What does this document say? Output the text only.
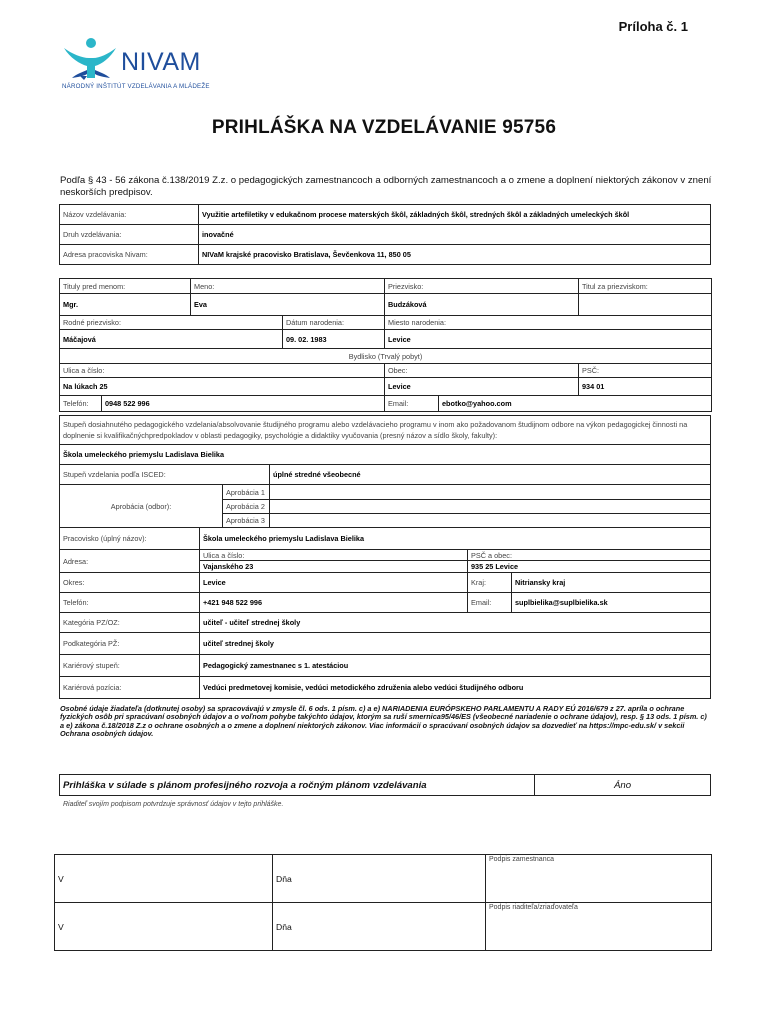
Príloha č. 1
NIVAM
NÁRODNÝ INŠTITÚT VZDELÁVANIA A MLÁDEŽE
PRIHLÁŠKA NA VZDELÁVANIE 95756
Podľa § 43 - 56 zákona č.138/2019 Z.z. o pedagogických zamestnancoch a odborných zamestnancoch a o zmene a doplnení niektorých zákonov v znení neskorších predpisov.
Názov vzdelávania:	Využitie artefiletiky v edukačnom procese materských škôl, základných škôl, stredných škôl a základných umeleckých škôl
Druh vzdelávania:	inovačné
Adresa pracoviska Nivam:	NIVaM krajské pracovisko Bratislava, Ševčenkova 11, 850 05
Tituly pred menom:		Meno:		Priezvisko:		Titul za priezviskom:
Mgr.		Eva		Budzáková		
Rodné priezvisko:			Dátum narodenia:	Miesto narodenia:		
Máčajová			09. 02. 1983	Levice		
Bydlisko (Trvalý pobyt)						
Ulica a číslo:				Obec:		PSČ:
Na lúkach 25				Levice		934 01
Telefón:	0948 522 996			Email:	ebotko@yahoo.com	
Stupeň dosiahnutého pedagogického vzdelania/absolvovanie študijného programu alebo vzdelávacieho programu v inom ako požadovanom študijnom odbore na výkon pedagogickej činnosti na doplnenie si kvalifikačnýchpredpokladov v oblasti pedagogiky, psychológie a didaktiky vyučovania (presný názov a sídlo školy, fakulty):					
Škola umeleckého priemyslu Ladislava Bielika					
Stupeň vzdelania podľa ISCED:			úplné stredné všeobecné		
Aprobácia (odbor):		Aprobácia 1			
		Aprobácia 2			
		Aprobácia 3			
Pracovisko (úplný názov):	Škola umeleckého priemyslu Ladislava Bielika				
Adresa:	Ulica a číslo:			PSČ a obec:	
	Vajanského 23			935 25 Levice	
Okres:	Levice			Kraj:	Nitriansky kraj
Telefón:	+421 948 522 996			Email:	suplbielika@suplbielika.sk
Kategória PZ/OZ:	učiteľ - učiteľ strednej školy				
Podkategória PŽ:	učiteľ strednej školy				
Kariérový stupeň:	Pedagogický zamestnanec s 1. atestáciou				
Kariérová pozícia:	Vedúci predmetovej komisie, vedúci metodického združenia alebo vedúci študijného odboru				
Osobné údaje žiadateľa (dotknutej osoby) sa spracovávajú v zmysle čl. 6 ods. 1 písm. c) a e) NARIADENIA EURÓPSKEHO PARLAMENTU A RADY EÚ 2016/679 z 27. apríla o ochrane fyzických osôb pri spracúvaní osobných údajov a o voľnom pohybe takýchto údajov, ktorým sa ruší smernica95/46/ES (všeobecné nariadenie o ochrane údajov), resp. § 13 ods. 1 písm. c) a e) zákona č.18/2018 Z.z o ochrane osobných a o zmene a doplnení niektorých zákonov. Viac informácií o spracúvaní osobných údajov sa dozvedieť na https://mpc-edu.sk/ v sekcii Ochrana osobných údajov.
Prihláška v súlade s plánom profesijného rozvoja a ročným plánom vzdelávania	Áno
Riaditeľ svojím podpisom potvrdzuje správnosť údajov v tejto prihláške.
V	Dňa	Podpis zamestnanca
V	Dňa	Podpis riaditeľa/zriaďovateľa
